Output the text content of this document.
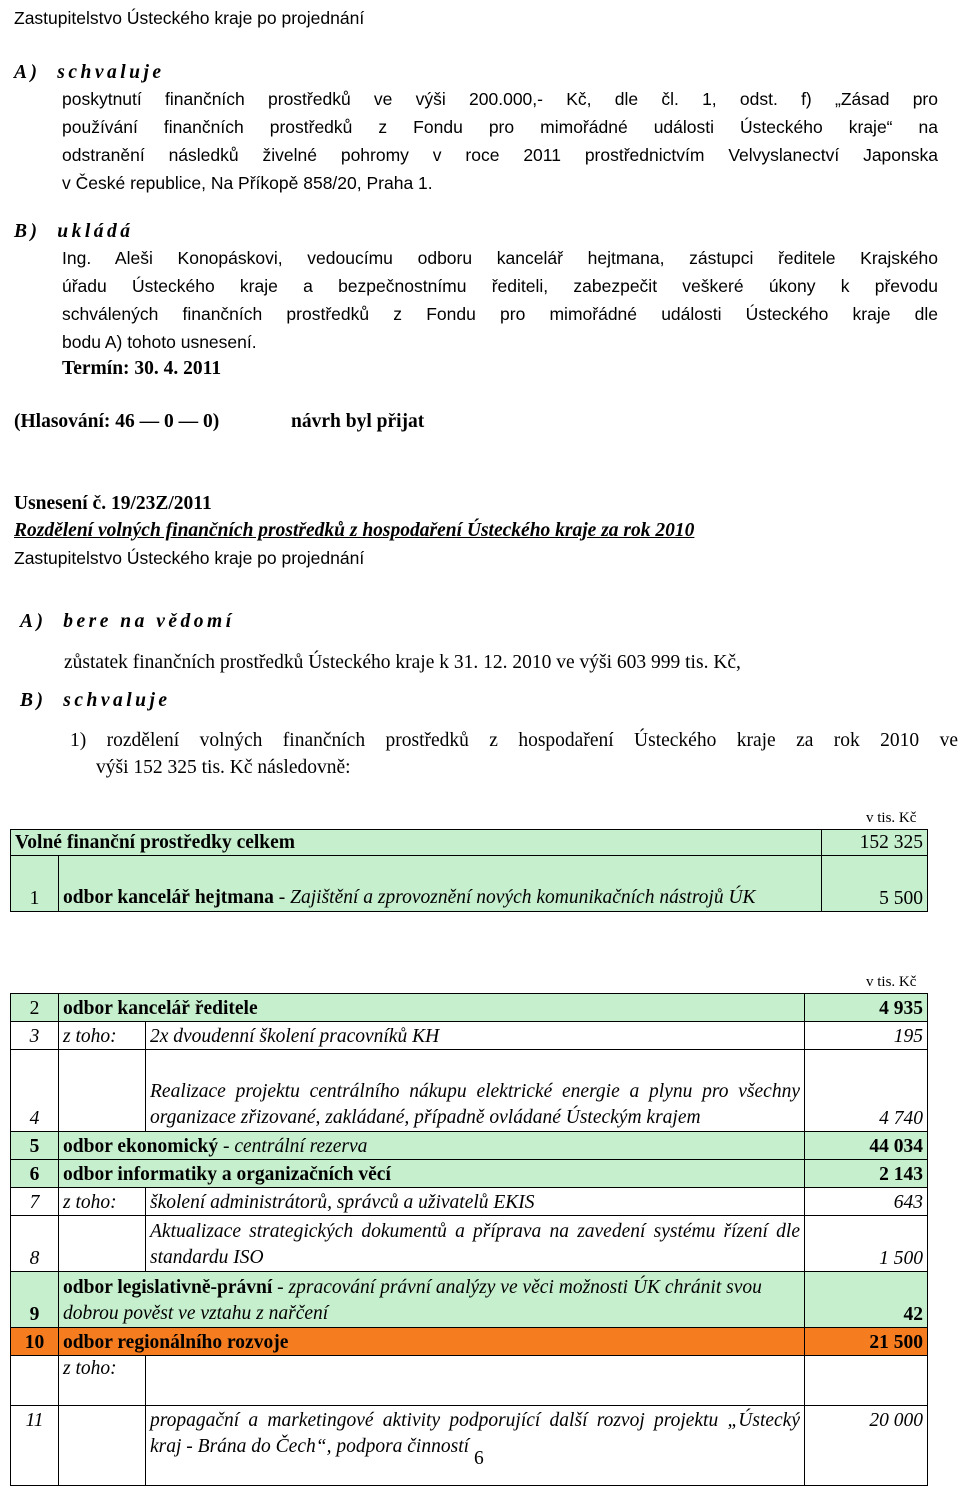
Zastupitelstvo Ústeckého kraje po projednání
A) schvaluje
poskytnutí finančních prostředků ve výši 200.000,- Kč, dle čl. 1, odst. f) „Zásad pro
používání finančních prostředků z Fondu pro mimořádné události Ústeckého kraje“ na
odstranění následků živelné pohromy v roce 2011 prostřednictvím Velvyslanectví Japonska
v České republice, Na Příkopě 858/20, Praha 1.
B) ukládá
Ing. Aleši Konopáskovi, vedoucímu odboru kancelář hejtmana, zástupci ředitele Krajského
úřadu Ústeckého kraje a bezpečnostnímu řediteli, zabezpečit veškeré úkony k převodu
schválených finančních prostředků z Fondu pro mimořádné události Ústeckého kraje dle
bodu A) tohoto usnesení.
Termín: 30. 4. 2011
(Hlasování: 46 — 0 — 0)	návrh byl přijat
Usnesení č. 19/23Z/2011
Rozdělení volných finančních prostředků z hospodaření Ústeckého kraje za rok 2010
Zastupitelstvo Ústeckého kraje po projednání
A) bere na vědomí
zůstatek finančních prostředků Ústeckého kraje k 31. 12. 2010 ve výši 603 999 tis. Kč,
B) schvaluje
1) rozdělení volných finančních prostředků z hospodaření Ústeckého kraje za rok 2010 ve
výši 152 325 tis. Kč následovně:
v tis. Kč
Volné finanční prostředky celkem		152 325
1	odbor kancelář hejtmana - Zajištění a zprovoznění nových komunikačních nástrojů ÚK	5 500
v tis. Kč
2	odbor kancelář ředitele		4 935
3	z toho:	2x dvoudenní školení pracovníků KH	195
4		Realizace projektu centrálního nákupu elektrické energie a plynu pro všechny organizace zřizované, zakládané, případně ovládané Ústeckým krajem	4 740
5	odbor ekonomický - centrální rezerva		44 034
6	odbor informatiky a organizačních věcí		2 143
7	z toho:	školení administrátorů, správců a uživatelů EKIS	643
8		Aktualizace strategických dokumentů a příprava na zavedení systému řízení dle standardu ISO	1 500
9	odbor legislativně-právní - zpracování právní analýzy ve věci možnosti ÚK chránit svou dobrou pověst ve vztahu z nařčení		42
10	odbor regionálního rozvoje		21 500
	z toho:		
11		propagační a marketingové aktivity podporující další rozvoj projektu „Ústecký kraj - Brána do Čech“, podpora činností	20 000
6
